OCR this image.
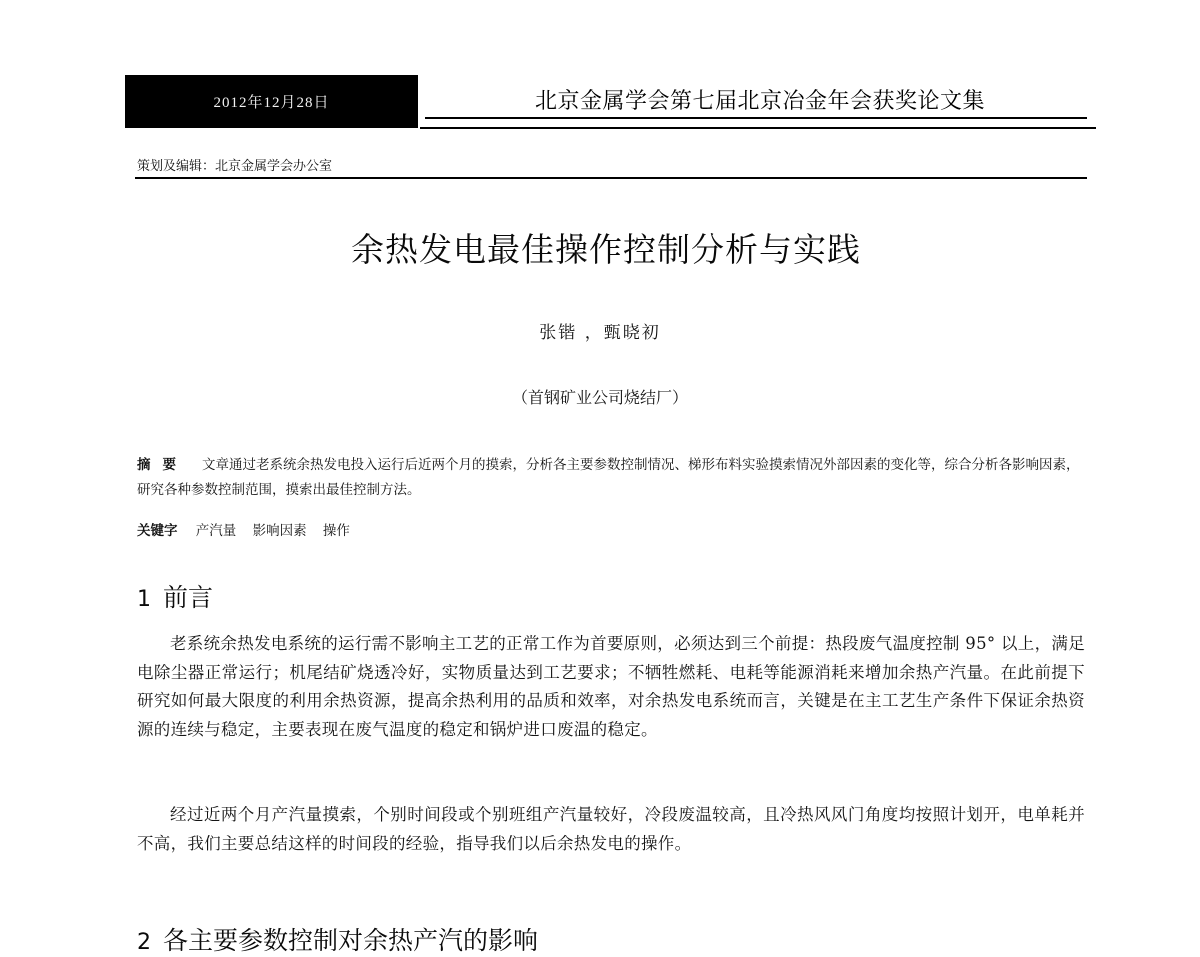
2012年12月28日	北京金属学会第七届北京冶金年会获奖论文集
策划及编辑：北京金属学会办公室
余热发电最佳操作控制分析与实践
张锴 ，甄晓初
（首钢矿业公司烧结厂）
摘要 文章通过老系统余热发电投入运行后近两个月的摸索，分析各主要参数控制情况、梯形布料实验摸索情况外部因素的变化等，综合分析各影响因素，研究各种参数控制范围，摸索出最佳控制方法。
关键字 产汽量 影响因素 操作
1 前言

老系统余热发电系统的运行需不影响主工艺的正常工作为首要原则，必须达到三个前提：热段废气温度控制 95° 以上，满足电除尘器正常运行；机尾结矿烧透冷好，实物质量达到工艺要求；不牺牲燃耗、电耗等能源消耗来增加余热产汽量。在此前提下研究如何最大限度的利用余热资源，提高余热利用的品质和效率，对余热发电系统而言，关键是在主工艺生产条件下保证余热资源的连续与稳定，主要表现在废气温度的稳定和锅炉进口废温的稳定。

经过近两个月产汽量摸索，个别时间段或个别班组产汽量较好，冷段废温较高，且冷热风风门角度均按照计划开，电单耗并不高，我们主要总结这样的时间段的经验，指导我们以后余热发电的操作。

2 各主要参数控制对余热产汽的影响
